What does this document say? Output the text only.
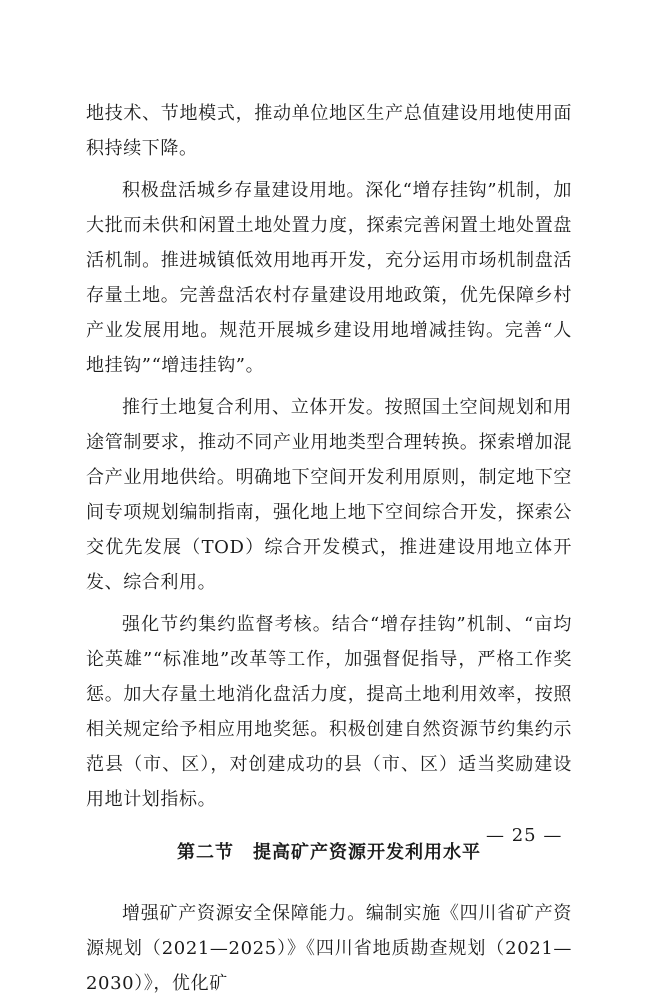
地技术、节地模式，推动单位地区生产总值建设用地使用面积持续下降。

积极盘活城乡存量建设用地。深化“增存挂钩”机制，加大批而未供和闲置土地处置力度，探索完善闲置土地处置盘活机制。推进城镇低效用地再开发，充分运用市场机制盘活存量土地。完善盘活农村存量建设用地政策，优先保障乡村产业发展用地。规范开展城乡建设用地增减挂钩。完善“人地挂钩”“增违挂钩”。

推行土地复合利用、立体开发。按照国土空间规划和用途管制要求，推动不同产业用地类型合理转换。探索增加混合产业用地供给。明确地下空间开发利用原则，制定地下空间专项规划编制指南，强化地上地下空间综合开发，探索公交优先发展（TOD）综合开发模式，推进建设用地立体开发、综合利用。

强化节约集约监督考核。结合“增存挂钩”机制、“亩均论英雄”“标准地”改革等工作，加强督促指导，严格工作奖惩。加大存量土地消化盘活力度，提高土地利用效率，按照相关规定给予相应用地奖惩。积极创建自然资源节约集约示范县（市、区），对创建成功的县（市、区）适当奖励建设用地计划指标。

第二节　提高矿产资源开发利用水平

增强矿产资源安全保障能力。编制实施《四川省矿产资源规划（2021—2025）》《四川省地质勘查规划（2021—2030）》，优化矿

— 25 —
